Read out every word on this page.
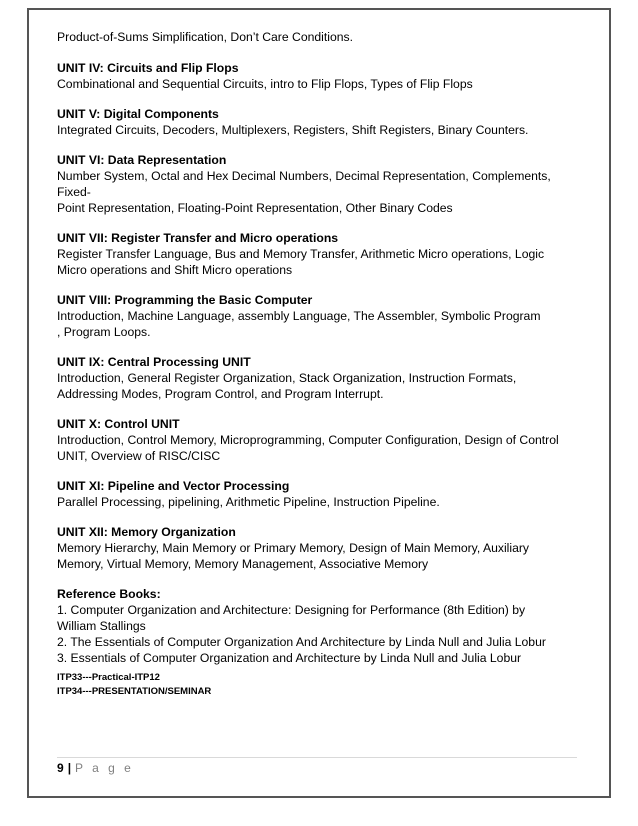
Product-of-Sums Simplification, Don’t Care Conditions.
UNIT IV: Circuits and Flip Flops
Combinational and Sequential Circuits, intro to Flip Flops, Types of Flip Flops
UNIT V: Digital Components
Integrated Circuits, Decoders, Multiplexers, Registers, Shift Registers, Binary Counters.
UNIT VI: Data Representation
Number System, Octal and Hex Decimal Numbers, Decimal Representation, Complements, Fixed-
Point Representation, Floating-Point Representation, Other Binary Codes
UNIT VII: Register Transfer and Micro operations
Register Transfer Language, Bus and Memory Transfer, Arithmetic Micro operations, Logic
Micro operations and Shift Micro operations
UNIT VIII: Programming the Basic Computer
Introduction, Machine Language, assembly Language, The Assembler, Symbolic Program
, Program Loops.
UNIT IX: Central Processing UNIT
Introduction, General Register Organization, Stack Organization, Instruction Formats,
Addressing Modes, Program Control, and Program Interrupt.
UNIT X: Control UNIT
Introduction, Control Memory, Microprogramming, Computer Configuration, Design of Control
UNIT, Overview of RISC/CISC
UNIT XI: Pipeline and Vector Processing
Parallel Processing, pipelining, Arithmetic Pipeline, Instruction Pipeline.
UNIT XII: Memory Organization
Memory Hierarchy, Main Memory or Primary Memory, Design of Main Memory, Auxiliary
Memory, Virtual Memory, Memory Management, Associative Memory
Reference Books:
1. Computer Organization and Architecture: Designing for Performance (8th Edition) by
William Stallings
2. The Essentials of Computer Organization And Architecture by Linda Null and Julia Lobur
3. Essentials of Computer Organization and Architecture by Linda Null and Julia Lobur
ITP33---Practical-ITP12
ITP34---PRESENTATION/SEMINAR
9 | P a g e
